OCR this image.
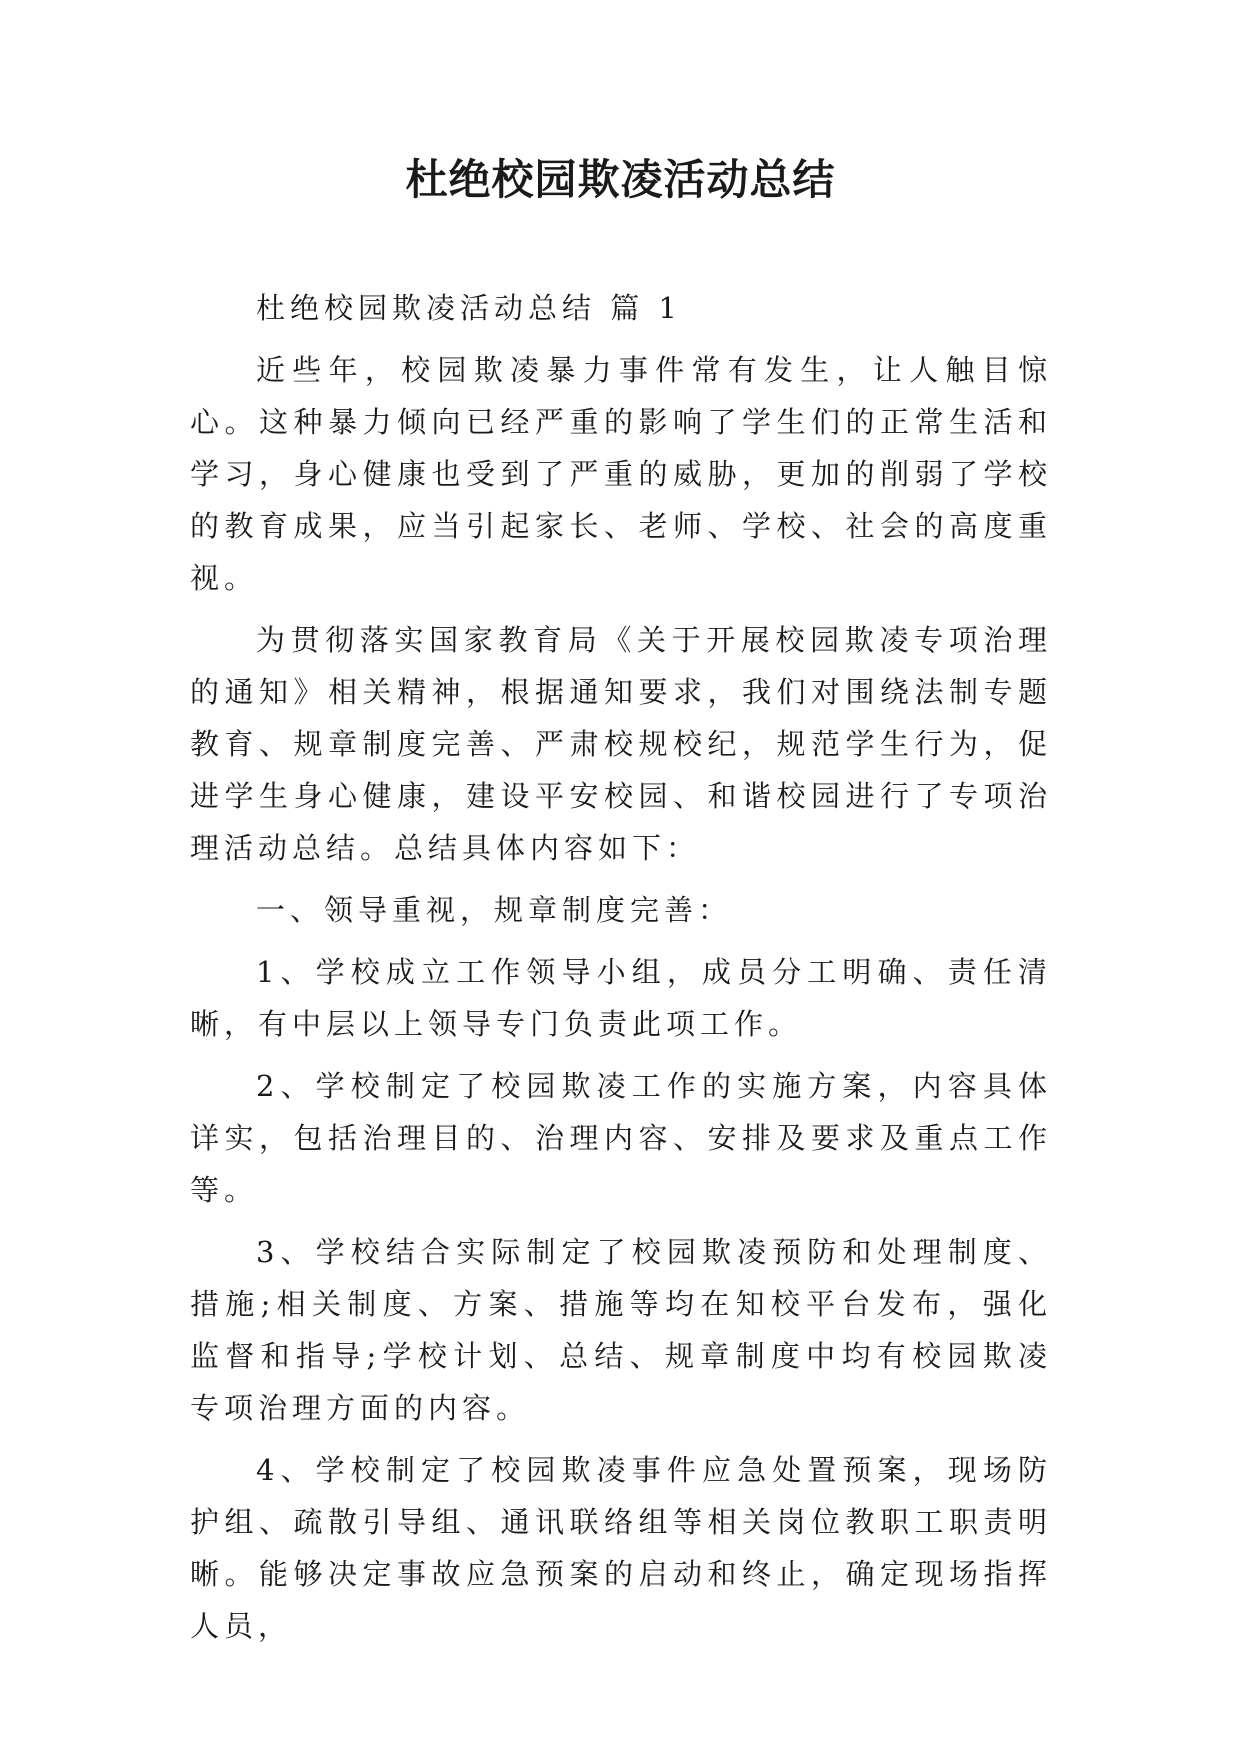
杜绝校园欺凌活动总结

杜绝校园欺凌活动总结 篇 1

近些年，校园欺凌暴力事件常有发生，让人触目惊心。这种暴力倾向已经严重的影响了学生们的正常生活和学习，身心健康也受到了严重的威胁，更加的削弱了学校的教育成果，应当引起家长、老师、学校、社会的高度重视。

为贯彻落实国家教育局《关于开展校园欺凌专项治理的通知》相关精神，根据通知要求，我们对围绕法制专题教育、规章制度完善、严肃校规校纪，规范学生行为，促进学生身心健康，建设平安校园、和谐校园进行了专项治理活动总结。总结具体内容如下：

一、领导重视，规章制度完善：

1、学校成立工作领导小组，成员分工明确、责任清晰，有中层以上领导专门负责此项工作。

2、学校制定了校园欺凌工作的实施方案，内容具体详实，包括治理目的、治理内容、安排及要求及重点工作等。

3、学校结合实际制定了校园欺凌预防和处理制度、措施;相关制度、方案、措施等均在知校平台发布，强化监督和指导;学校计划、总结、规章制度中均有校园欺凌专项治理方面的内容。

4、学校制定了校园欺凌事件应急处置预案，现场防护组、疏散引导组、通讯联络组等相关岗位教职工职责明晰。能够决定事故应急预案的启动和终止，确定现场指挥人员，
